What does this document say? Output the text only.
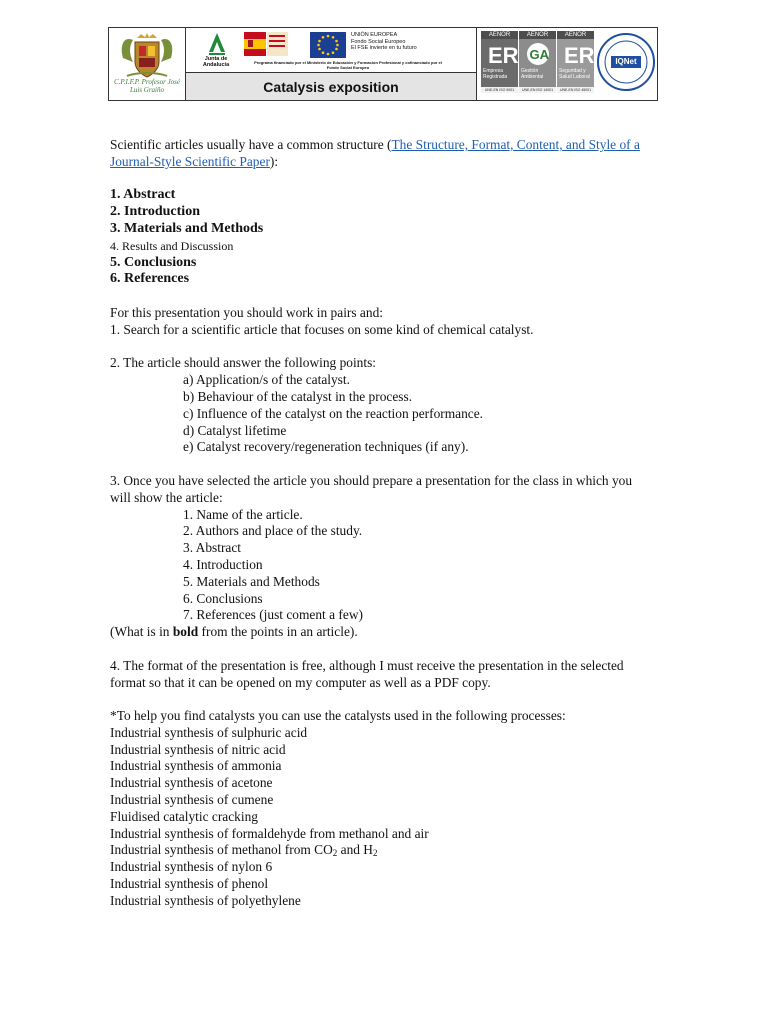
C.P.I.F.P. Profesor José Luis Graiño
Junta de Andalucía
UNIÓN EUROPEA
Fondo Social Europeo
El FSE invierte en tu futuro
Programa financiado por el Ministerio de Educación y Formación Profesional y cofinanciado por el Fondo Social Europeo
Catalysis exposition
AENOR
ER
Empresa Registrada
UNE-EN ISO 9001
AENOR
GA
Gestión Ambiental
UNE-EN ISO 14001
AENOR
ER
Seguridad y Salud Laboral
UNE-EN ISO 45001
IQNet

Scientific articles usually have a common structure (The Structure, Format, Content, and Style of a Journal-Style Scientific Paper):

1. Abstract

2. Introduction

3. Materials and Methods

4. Results and Discussion

5. Conclusions

6. References

For this presentation you should work in pairs and:

1. Search for a scientific article that focuses on some kind of chemical catalyst.

2. The article should answer the following points:

a) Application/s of the catalyst.

b) Behaviour of the catalyst in the process.

c) Influence of the catalyst on the reaction performance.

d) Catalyst lifetime

e) Catalyst recovery/regeneration techniques (if any).

3. Once you have selected the article you should prepare a presentation for the class in which you will show the article:

1. Name of the article.

2. Authors and place of the study.

3. Abstract

4. Introduction

5. Materials and Methods

6. Conclusions

7. References (just coment a few)

(What is in bold from the points in an article).

4. The format of the presentation is free, although I must receive the presentation in the selected format so that it can be opened on my computer as well as a PDF copy.

*To help you find catalysts you can use the catalysts used in the following processes:

Industrial synthesis of sulphuric acid

Industrial synthesis of nitric acid

Industrial synthesis of ammonia

Industrial synthesis of acetone

Industrial synthesis of cumene

Fluidised catalytic cracking

Industrial synthesis of formaldehyde from methanol and air

Industrial synthesis of methanol from $CO_2$ and $H_2$

Industrial synthesis of nylon 6

Industrial synthesis of phenol

Industrial synthesis of polyethylene
